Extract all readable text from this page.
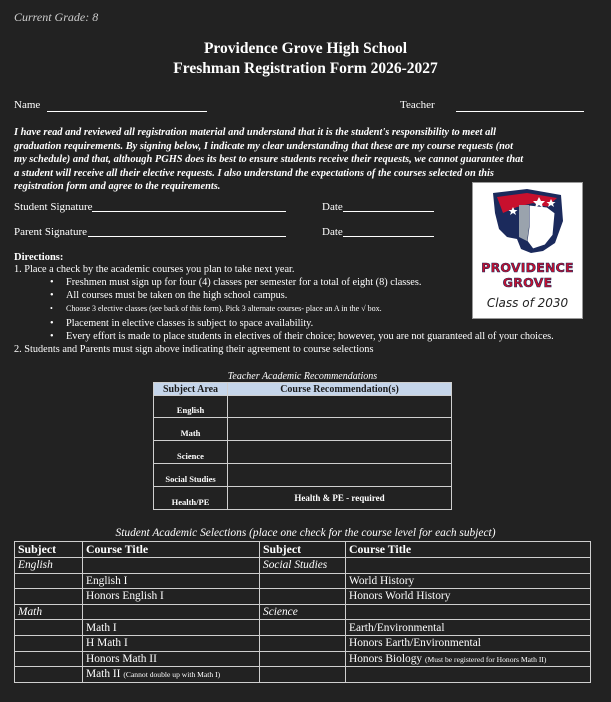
Current Grade: 8
Providence Grove High School
Freshman Registration Form 2026-2027
Name	Teacher
I have read and reviewed all registration material and understand that it is the student's responsibility to meet all
graduation requirements. By signing below, I indicate my clear understanding that these are my course requests (not
my schedule) and that, although PGHS does its best to ensure students receive their requests, we cannot guarantee that
a student will receive all their elective requests. I also understand the expectations of the courses selected on this
registration form and agree to the requirements.
Student Signature	Date
Parent Signature	Date
PROVIDENCE
GROVE
Class of 2030
Directions:
1. Place a check by the academic courses you plan to take next year.
• Freshmen must sign up for four (4) classes per semester for a total of eight (8) classes.
• All courses must be taken on the high school campus.
• Choose 3 elective classes (see back of this form). Pick 3 alternate courses- place an A in the √ box.
• Placement in elective classes is subject to space availability.
• Every effort is made to place students in electives of their choice; however, you are not guaranteed all of your choices.
2. Students and Parents must sign above indicating their agreement to course selections
Teacher Academic Recommendations
Subject Area	Course Recommendation(s)
English	
Math	
Science	
Social Studies	
Health/PE	Health & PE - required
Student Academic Selections (place one check for the course level for each subject)
Subject	Course Title	Subject	Course Title
English		Social Studies	
	English I		World History
	Honors English I		Honors World History
Math		Science	
	Math I		Earth/Environmental
	H Math I		Honors Earth/Environmental
	Honors Math II		Honors Biology (Must be registered for Honors Math II)
	Math II (Cannot double up with Math I)		
